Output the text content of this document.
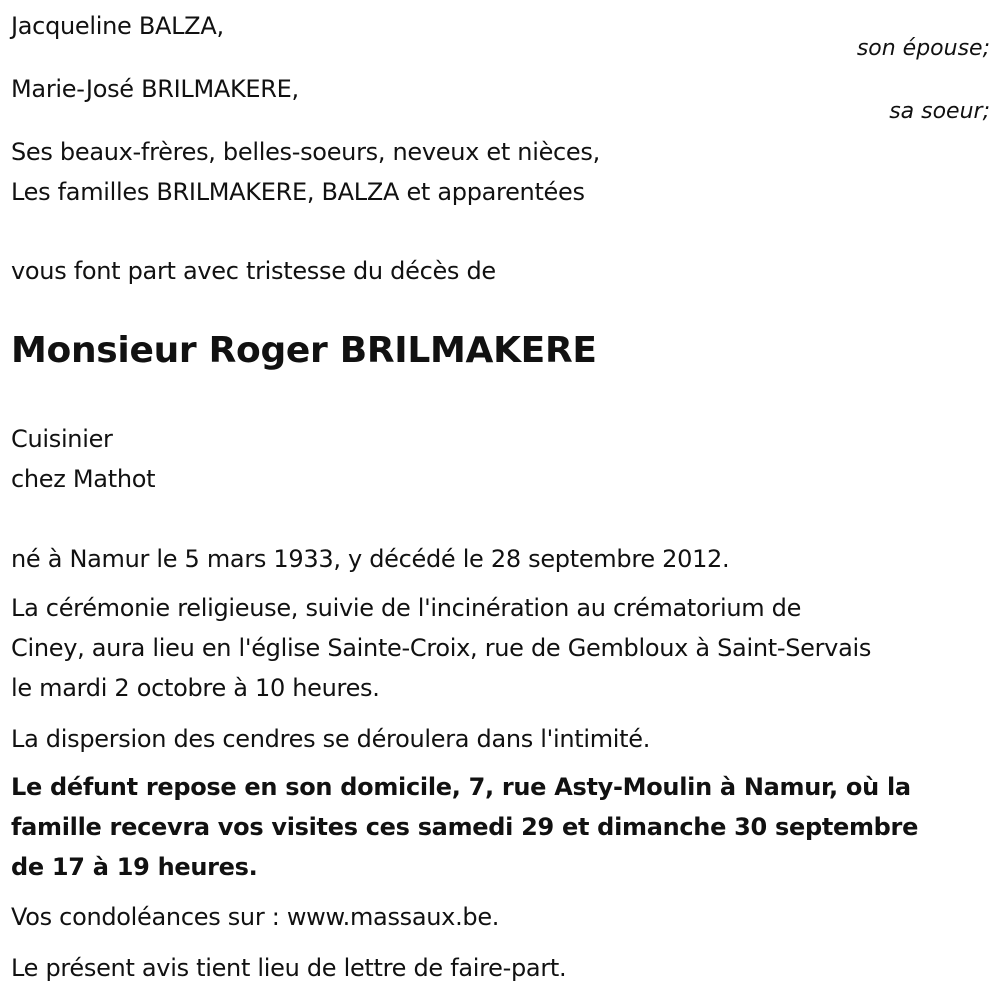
Jacqueline BALZA,
son épouse;
Marie-José BRILMAKERE,
sa soeur;
Ses beaux-frères, belles-soeurs, neveux et nièces,
Les familles BRILMAKERE, BALZA et apparentées
vous font part avec tristesse du décès de
Monsieur Roger BRILMAKERE
Cuisinier
chez Mathot
né à Namur le 5 mars 1933, y décédé le 28 septembre 2012.
La cérémonie religieuse, suivie de l'incinération au crématorium de
Ciney, aura lieu en l'église Sainte-Croix, rue de Gembloux à Saint-Servais
le mardi 2 octobre à 10 heures.
La dispersion des cendres se déroulera dans l'intimité.
Le défunt repose en son domicile, 7, rue Asty-Moulin à Namur, où la
famille recevra vos visites ces samedi 29 et dimanche 30 septembre
de 17 à 19 heures.
Vos condoléances sur : www.massaux.be.
Le présent avis tient lieu de lettre de faire-part.
